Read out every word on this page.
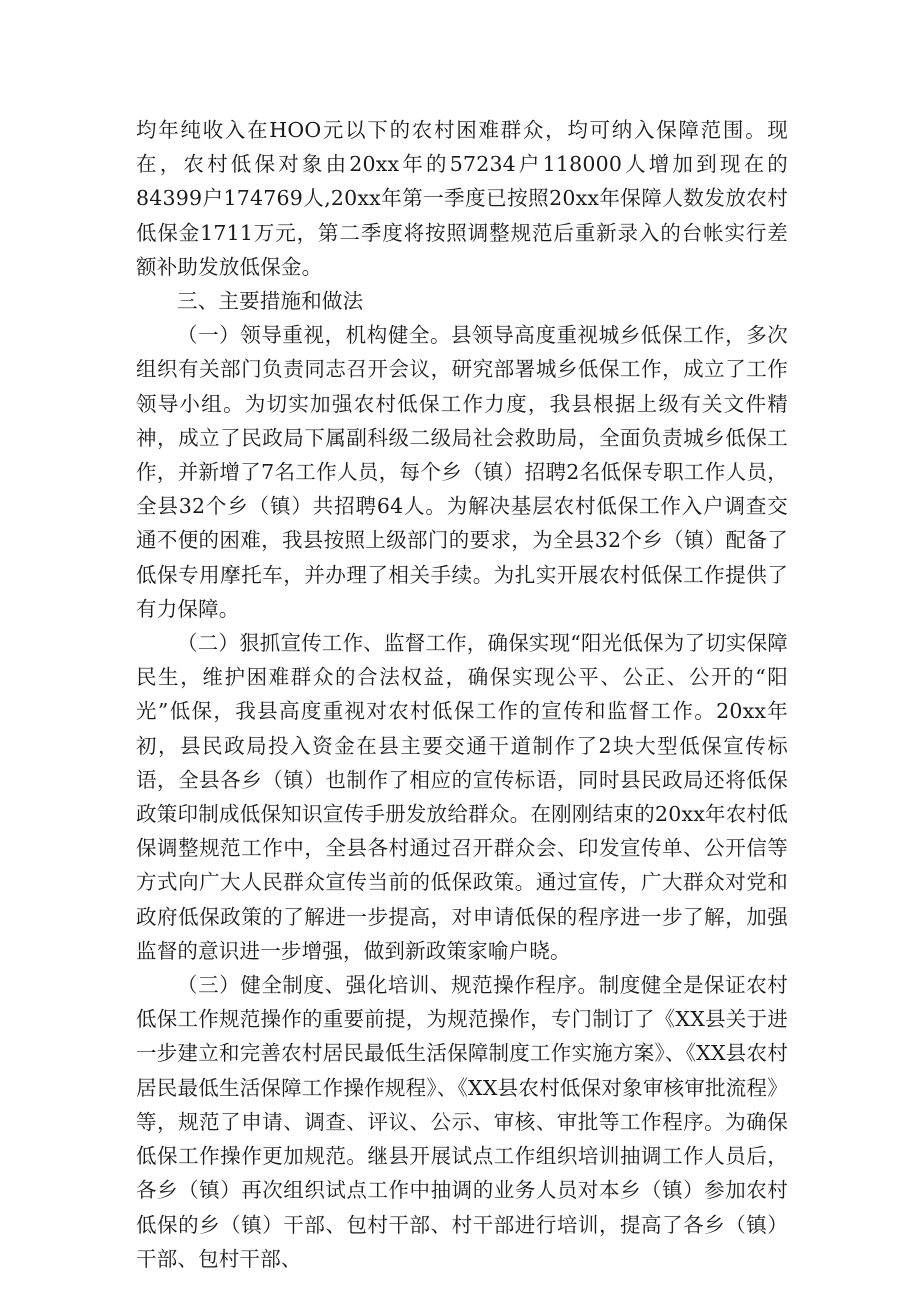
均年纯收入在HOO元以下的农村困难群众，均可纳入保障范围。现在，农村低保对象由20xx年的57234户118000人增加到现在的84399户174769人,20xx年第一季度已按照20xx年保障人数发放农村低保金1711万元，第二季度将按照调整规范后重新录入的台帐实行差额补助发放低保金。

三、主要措施和做法

（一）领导重视，机构健全。县领导高度重视城乡低保工作，多次组织有关部门负责同志召开会议，研究部署城乡低保工作，成立了工作领导小组。为切实加强农村低保工作力度，我县根据上级有关文件精神，成立了民政局下属副科级二级局社会救助局，全面负责城乡低保工作，并新增了7名工作人员，每个乡（镇）招聘2名低保专职工作人员，全县32个乡（镇）共招聘64人。为解决基层农村低保工作入户调查交通不便的困难，我县按照上级部门的要求，为全县32个乡（镇）配备了低保专用摩托车，并办理了相关手续。为扎实开展农村低保工作提供了有力保障。

（二）狠抓宣传工作、监督工作，确保实现“阳光低保为了切实保障民生，维护困难群众的合法权益，确保实现公平、公正、公开的“阳光”低保，我县高度重视对农村低保工作的宣传和监督工作。20xx年初，县民政局投入资金在县主要交通干道制作了2块大型低保宣传标语，全县各乡（镇）也制作了相应的宣传标语，同时县民政局还将低保政策印制成低保知识宣传手册发放给群众。在刚刚结束的20xx年农村低保调整规范工作中，全县各村通过召开群众会、印发宣传单、公开信等方式向广大人民群众宣传当前的低保政策。通过宣传，广大群众对党和政府低保政策的了解进一步提高，对申请低保的程序进一步了解，加强监督的意识进一步增强，做到新政策家喻户晓。

（三）健全制度、强化培训、规范操作程序。制度健全是保证农村低保工作规范操作的重要前提，为规范操作，专门制订了《XX县关于进一步建立和完善农村居民最低生活保障制度工作实施方案》、《XX县农村居民最低生活保障工作操作规程》、《XX县农村低保对象审核审批流程》等，规范了申请、调查、评议、公示、审核、审批等工作程序。为确保低保工作操作更加规范。继县开展试点工作组织培训抽调工作人员后，各乡（镇）再次组织试点工作中抽调的业务人员对本乡（镇）参加农村低保的乡（镇）干部、包村干部、村干部进行培训，提高了各乡（镇）干部、包村干部、
